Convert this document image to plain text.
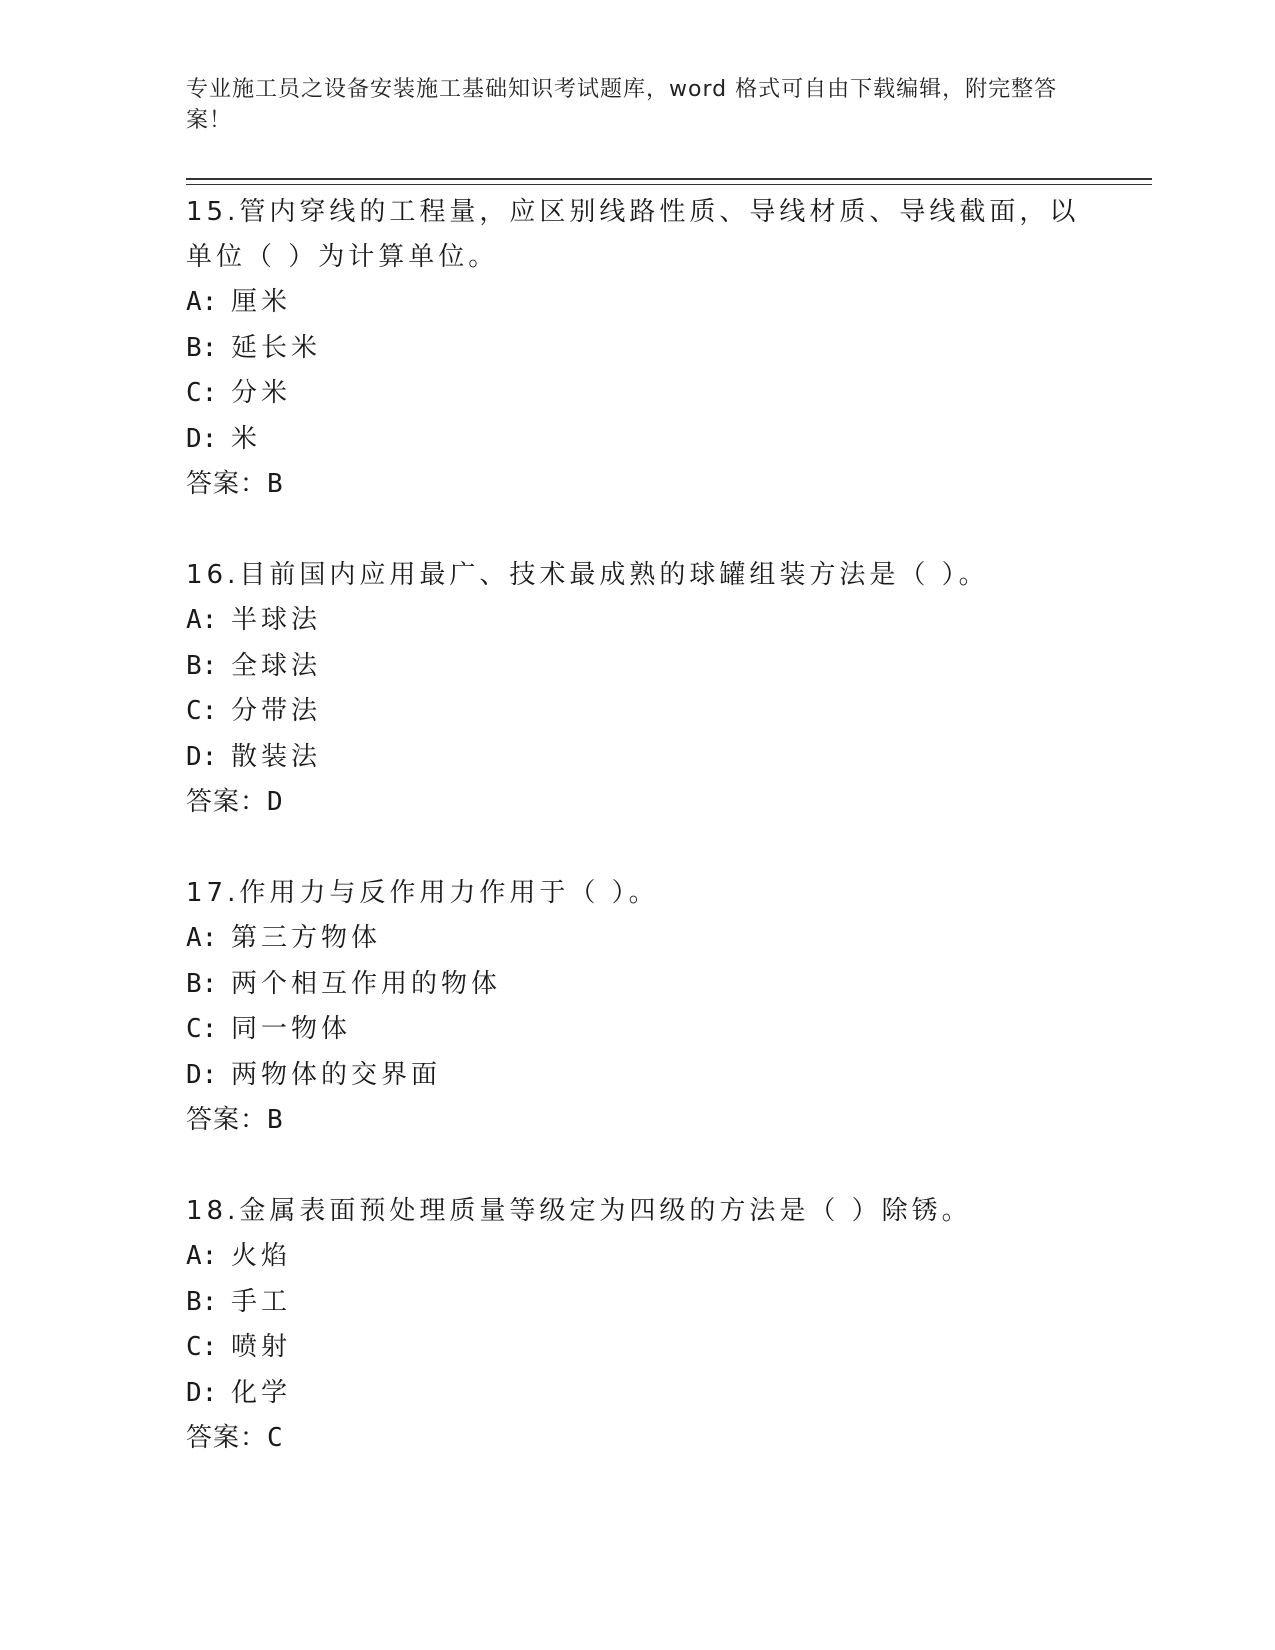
专业施工员之设备安装施工基础知识考试题库，word 格式可自由下载编辑，附完整答案！

15.管内穿线的工程量，应区别线路性质、导线材质、导线截面，以单位（ ）为计算单位。

A: 厘米

B: 延长米

C: 分米

D: 米

答案：B

16.目前国内应用最广、技术最成熟的球罐组装方法是（ ）。

A: 半球法

B: 全球法

C: 分带法

D: 散装法

答案：D

17.作用力与反作用力作用于（ ）。

A: 第三方物体

B: 两个相互作用的物体

C: 同一物体

D: 两物体的交界面

答案：B

18.金属表面预处理质量等级定为四级的方法是（ ）除锈。

A: 火焰

B: 手工

C: 喷射

D: 化学

答案：C
